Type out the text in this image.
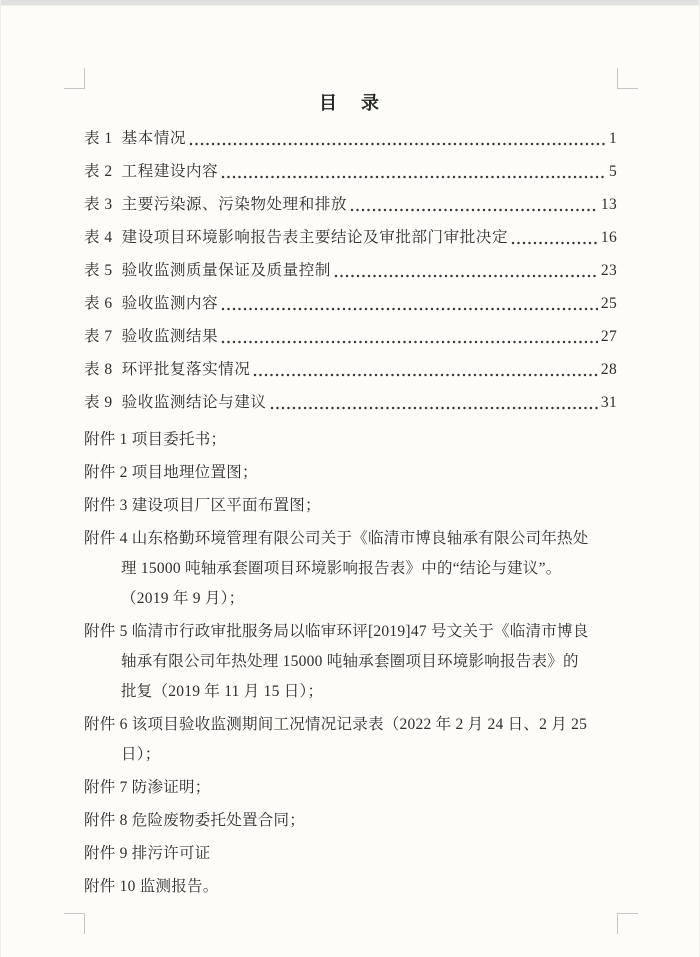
目　录
表 1 基本情况	1
表 2 工程建设内容	5
表 3 主要污染源、污染物处理和排放	13
表 4 建设项目环境影响报告表主要结论及审批部门审批决定	16
表 5 验收监测质量保证及质量控制	23
表 6 验收监测内容	25
表 7 验收监测结果	27
表 8 环评批复落实情况	28
表 9 验收监测结论与建议	31
附件 1 项目委托书；
附件 2 项目地理位置图；
附件 3 建设项目厂区平面布置图；
附件 4 山东格勤环境管理有限公司关于《临清市博良轴承有限公司年热处
理 15000 吨轴承套圈项目环境影响报告表》中的“结论与建议”。
（2019 年 9 月）；
附件 5 临清市行政审批服务局以临审环评[2019]47 号文关于《临清市博良
轴承有限公司年热处理 15000 吨轴承套圈项目环境影响报告表》的
批复（2019 年 11 月 15 日）；
附件 6 该项目验收监测期间工况情况记录表（2022 年 2 月 24 日、2 月 25
日）；
附件 7 防渗证明；
附件 8 危险废物委托处置合同；
附件 9 排污许可证
附件 10 监测报告。
